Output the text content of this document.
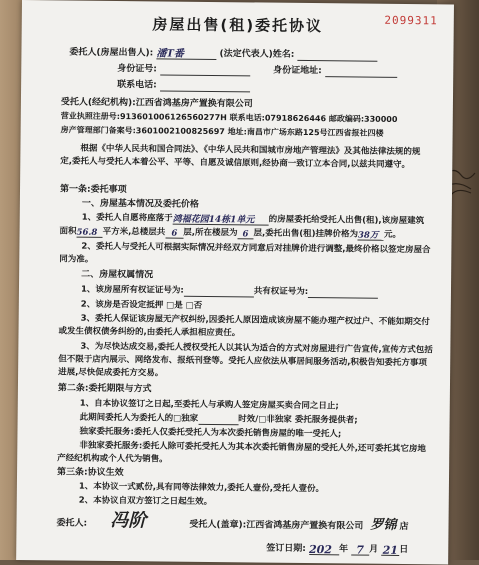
2099311
房屋出售(租)委托协议
委托人(房屋出售人): 潘T番	(法定代表人)姓名:
身份证号:	身份证地址:
联系电话:
受托人(经纪机构):江西省鸿基房产置换有限公司
营业执照注册号:913601006126560277H 联系电话:07918626446 邮政编码:330000
房产管理部门备案号:3601002100825697 地址:南昌市广场东路125号江西省报社四楼
根据《中华人民共和国合同法》、《中华人民共和国城市房地产管理法》及其他法律法规的规定,委托人与受托人本着公平、平等、自愿及诚信原则,经协商一致订立本合同,以兹共同遵守。
第一条:委托事项
一、房屋基本情况及委托价格
1、委托人自愿将座落于鸿福花园14栋1单元 的房屋委托给受托人出售(租),该房屋建筑
面积56.8 平方米,总楼层共 6 层,所在楼层为 6 层,委托出售(租)挂牌价格为38万 元。
2、委托人与受托人可根据实际情况并经双方同意后对挂牌价进行调整,最终价格以签定房屋合同为准。
二、房屋权属情况
1、该房屋所有权证证号为:	共有权证号为:
2、该房是否设定抵押 □是 □否
3、委托人保证该房屋无产权纠纷,因委托人原因造成该房屋不能办理产权过户、不能如期交付或发生债权债务纠纷的,由委托人承担相应责任。
3、为尽快达成交易,委托人授权受托人以其认为适合的方式对房屋进行广告宣传,宣传方式包括但不限于店内展示、网络发布、报纸刊登等。受托人应依法从事居间服务活动,积极告知委托方事项进展,尽快促成委托方交易。
第二条:委托期限与方式
1、自本协议签订之日起,至委托人与承购人签定房屋买卖合同之日止;
此期间委托人为委托人的□独家	时效/□非独家 委托服务提供者;
独家委托服务:委托人仅委托受托人为本次委托销售房屋的唯一受托人;
非独家委托服务:委托人除可委托受托人为其本次委托销售房屋的受托人外,还可委托其它房地产经纪机构或个人代为销售。
第三条:协议生效
1、本协议一式贰份,具有同等法律效力,委托人壹份,受托人壹份。
2、本协议自双方签订之日起生效。
委托人: 冯阶	受托人(盖章):江西省鸿基房产置换有限公司 罗锦 店
签订日期: 202 年 7 月 21日
